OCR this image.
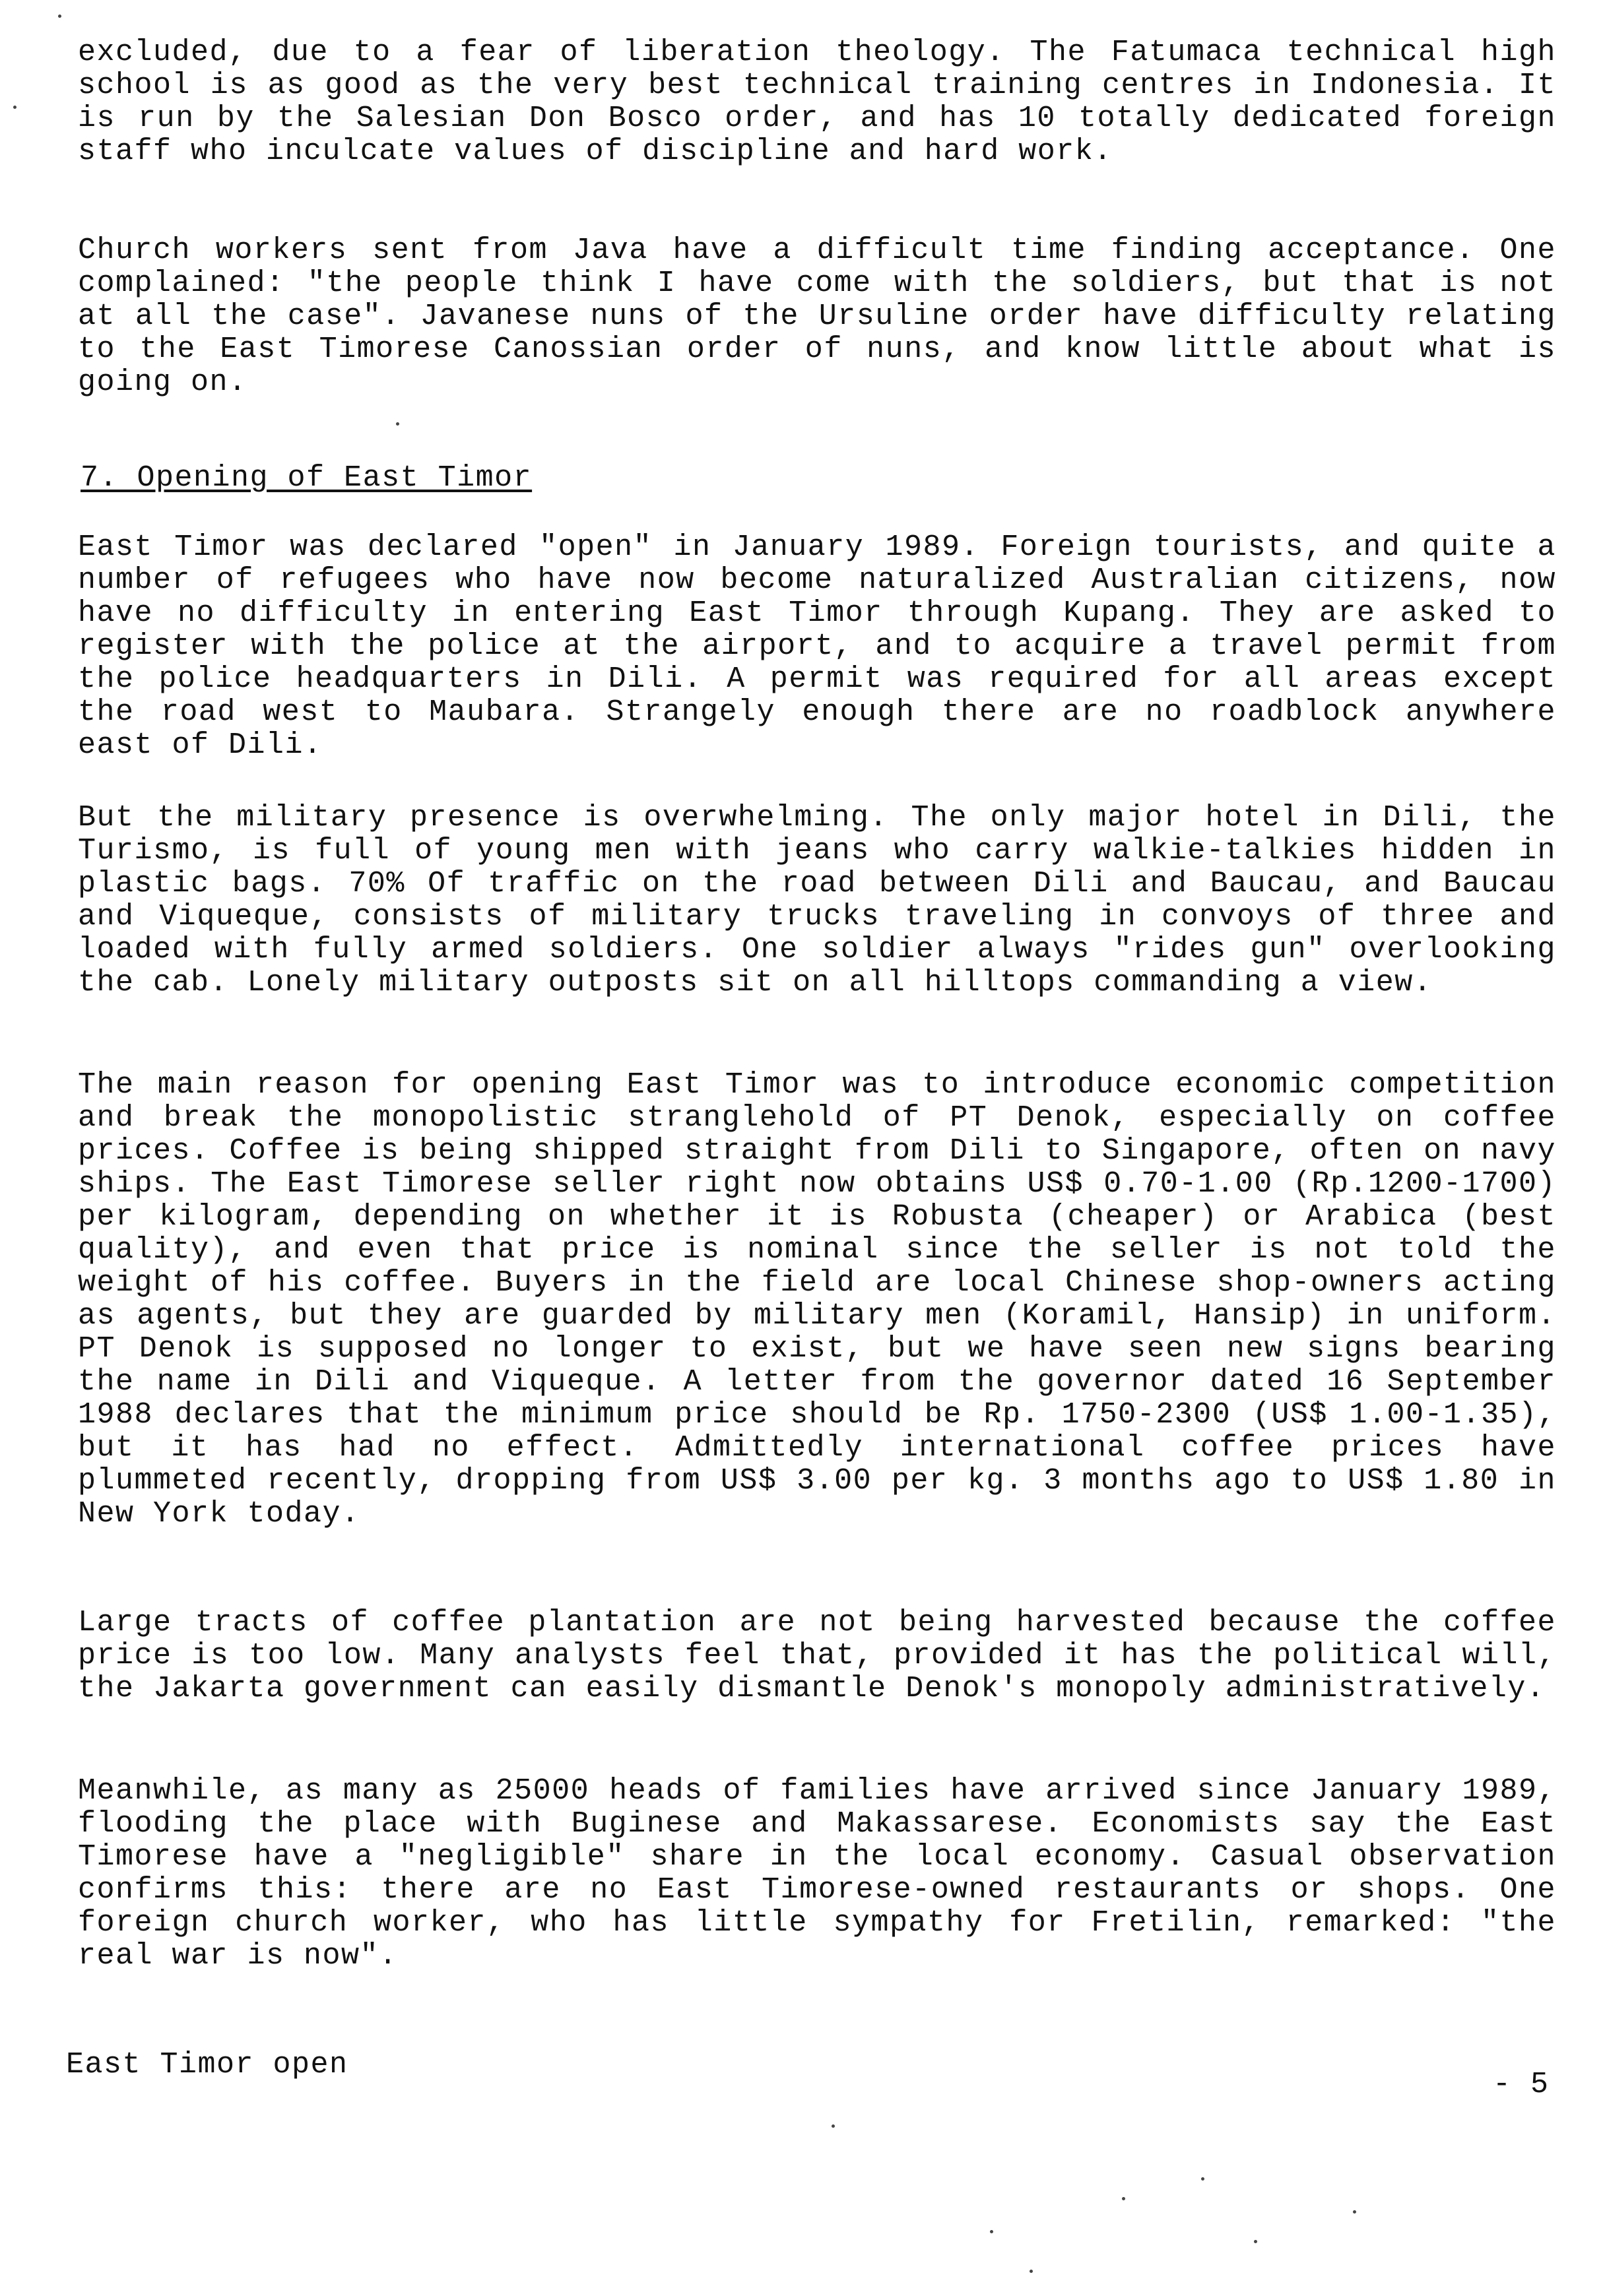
excluded, due to a fear of liberation theology. The Fatumaca technical high school is as good as the very best technical training centres in Indonesia. It is run by the Salesian Don Bosco order, and has 10 totally dedicated foreign staff who inculcate values of discipline and hard work.

Church workers sent from Java have a difficult time finding acceptance. One complained: "the people think I have come with the soldiers, but that is not at all the case". Javanese nuns of the Ursuline order have difficulty relating to the East Timorese Canossian order of nuns, and know little about what is going on.

7. Opening of East Timor

East Timor was declared "open" in January 1989. Foreign tourists, and quite a number of refugees who have now become naturalized Australian citizens, now have no difficulty in entering East Timor through Kupang. They are asked to register with the police at the airport, and to acquire a travel permit from the police headquarters in Dili. A permit was required for all areas except the road west to Maubara. Strangely enough there are no roadblock anywhere east of Dili.

But the military presence is overwhelming. The only major hotel in Dili, the Turismo, is full of young men with jeans who carry walkie-talkies hidden in plastic bags. 70% Of traffic on the road between Dili and Baucau, and Baucau and Viqueque, consists of military trucks traveling in convoys of three and loaded with fully armed soldiers. One soldier always "rides gun" overlooking the cab. Lonely military outposts sit on all hilltops commanding a view.

The main reason for opening East Timor was to introduce economic competition and break the monopolistic stranglehold of PT Denok, especially on coffee prices. Coffee is being shipped straight from Dili to Singapore, often on navy ships. The East Timorese seller right now obtains US$ 0.70-1.00 (Rp.1200-1700) per kilogram, depending on whether it is Robusta (cheaper) or Arabica (best quality), and even that price is nominal since the seller is not told the weight of his coffee. Buyers in the field are local Chinese shop-owners acting as agents, but they are guarded by military men (Koramil, Hansip) in uniform. PT Denok is supposed no longer to exist, but we have seen new signs bearing the name in Dili and Viqueque. A letter from the governor dated 16 September 1988 declares that the minimum price should be Rp. 1750-2300 (US$ 1.00-1.35), but it has had no effect. Admittedly international coffee prices have plummeted recently, dropping from US$ 3.00 per kg. 3 months ago to US$ 1.80 in New York today.

Large tracts of coffee plantation are not being harvested because the coffee price is too low. Many analysts feel that, provided it has the political will, the Jakarta government can easily dismantle Denok's monopoly administratively.

Meanwhile, as many as 25000 heads of families have arrived since January 1989, flooding the place with Buginese and Makassarese. Economists say the East Timorese have a "negligible" share in the local economy. Casual observation confirms this: there are no East Timorese-owned restaurants or shops. One foreign church worker, who has little sympathy for Fretilin, remarked: "the real war is now".

East Timor open

- 5
